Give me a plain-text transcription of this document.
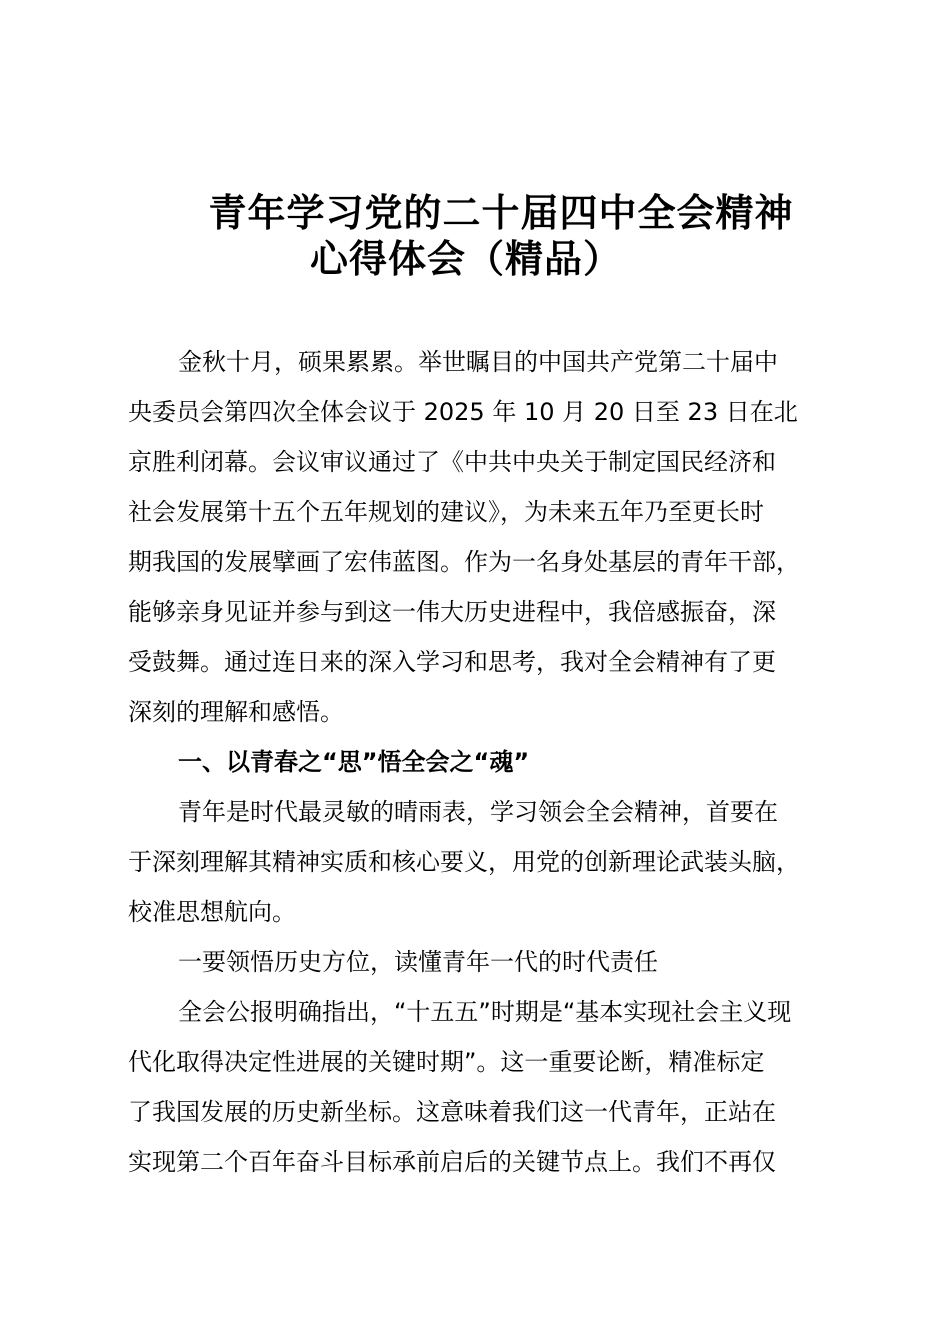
青年学习党的二十届四中全会精神
心得体会（精品）
金秋十月，硕果累累。举世瞩目的中国共产党第二十届中
央委员会第四次全体会议于 2025 年 10 月 20 日至 23 日在北
京胜利闭幕。会议审议通过了《中共中央关于制定国民经济和
社会发展第十五个五年规划的建议》，为未来五年乃至更长时
期我国的发展擘画了宏伟蓝图。作为一名身处基层的青年干部，
能够亲身见证并参与到这一伟大历史进程中，我倍感振奋，深
受鼓舞。通过连日来的深入学习和思考，我对全会精神有了更
深刻的理解和感悟。
一、以青春之“思”悟全会之“魂”
青年是时代最灵敏的晴雨表，学习领会全会精神，首要在
于深刻理解其精神实质和核心要义，用党的创新理论武装头脑，
校准思想航向。
一要领悟历史方位，读懂青年一代的时代责任
全会公报明确指出，“十五五”时期是“基本实现社会主义现
代化取得决定性进展的关键时期”。这一重要论断，精准标定
了我国发展的历史新坐标。这意味着我们这一代青年，正站在
实现第二个百年奋斗目标承前启后的关键节点上。我们不再仅
